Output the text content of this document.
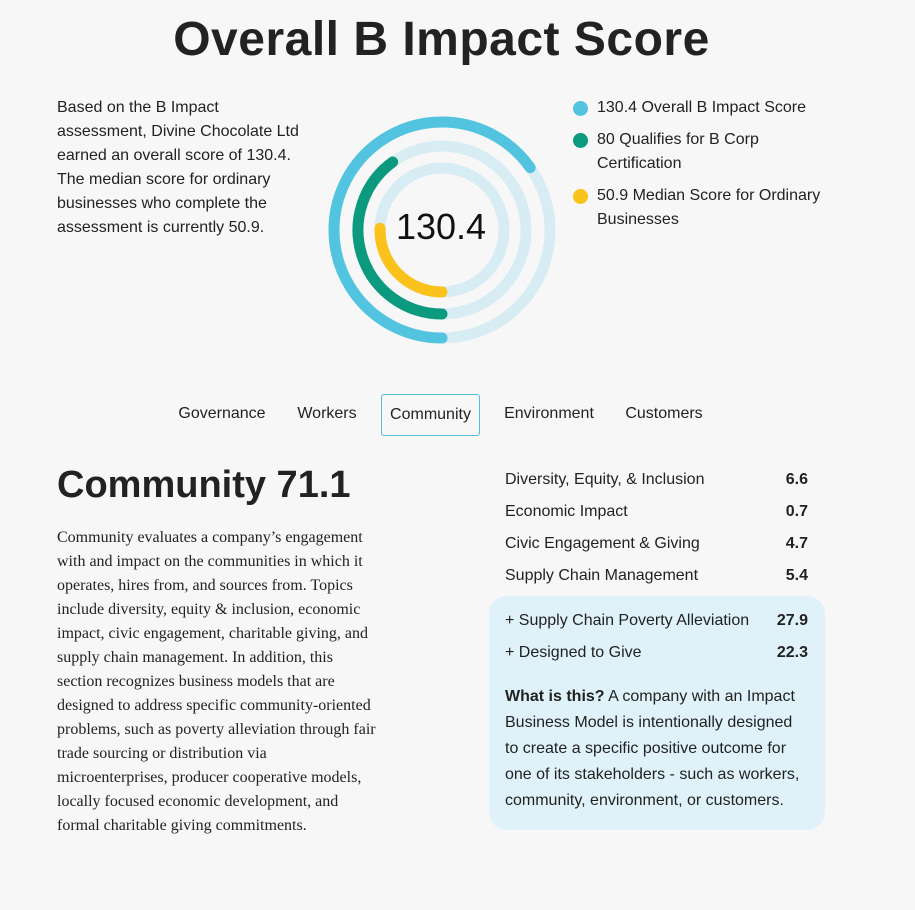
Overall B Impact Score
Based on the B Impact assessment, Divine Chocolate Ltd earned an overall score of 130.4. The median score for ordinary businesses who complete the assessment is currently 50.9.	130.4
130.4 Overall B Impact Score
80 Qualifies for B Corp Certification
50.9 Median Score for Ordinary Businesses
Governance	Workers	Community	Environment	Customers
Community 71.1
Community evaluates a company’s engagement with and impact on the communities in which it operates, hires from, and sources from. Topics include diversity, equity & inclusion, economic impact, civic engagement, charitable giving, and supply chain management. In addition, this section recognizes business models that are designed to address specific community-oriented problems, such as poverty alleviation through fair trade sourcing or distribution via microenterprises, producer cooperative models, locally focused economic development, and formal charitable giving commitments.
Diversity, Equity, & Inclusion	6.6
Economic Impact	0.7
Civic Engagement & Giving	4.7
Supply Chain Management	5.4
+ Supply Chain Poverty Alleviation 27.9
+ Designed to Give	22.3
What is this? A company with an Impact Business Model is intentionally designed to create a specific positive outcome for one of its stakeholders - such as workers, community, environment, or customers.
